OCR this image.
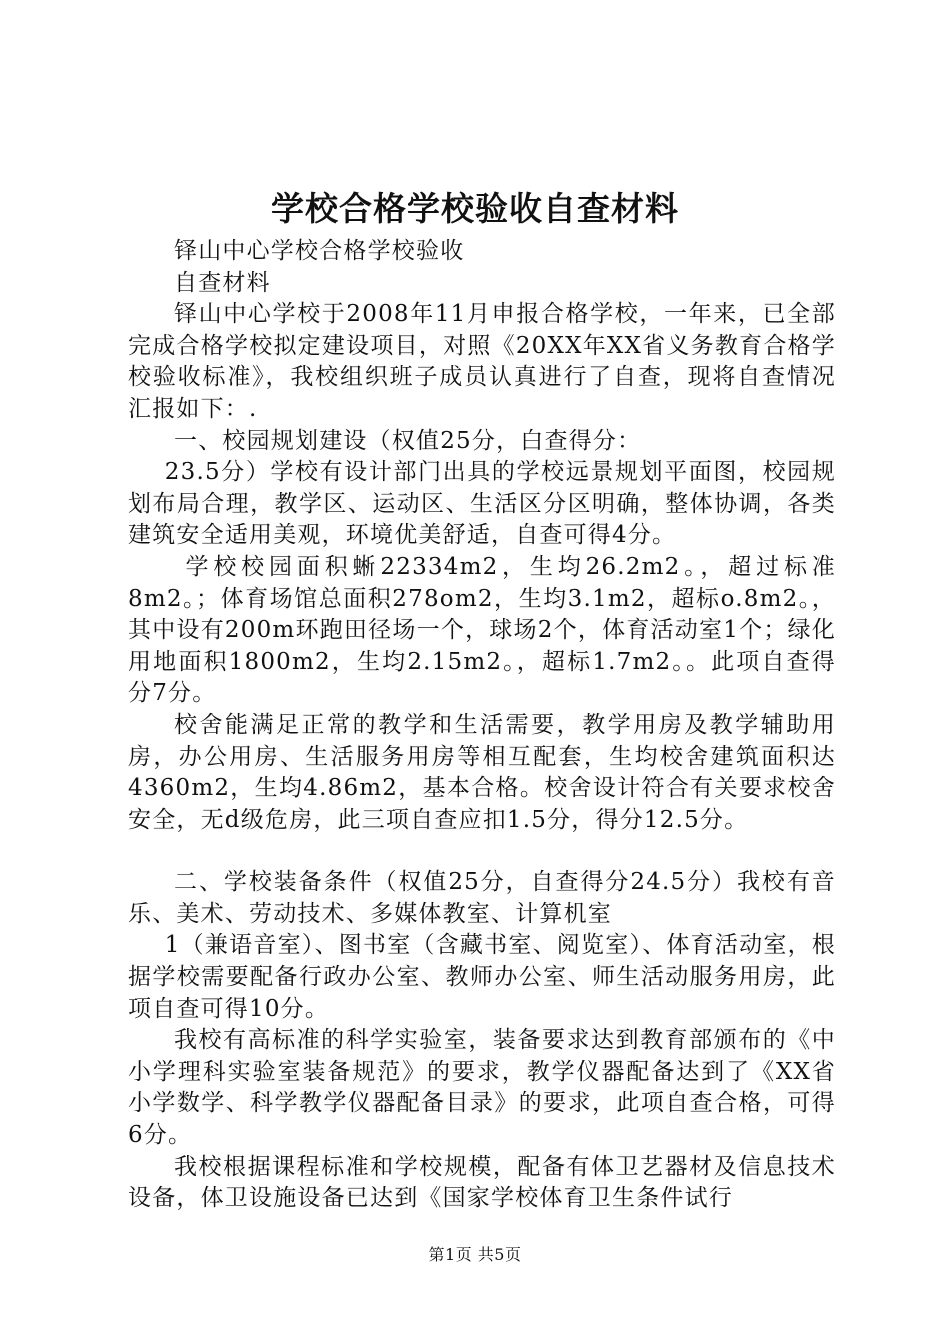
学校合格学校验收自查材料

铎山中心学校合格学校验收

自查材料

铎山中心学校于2008年11月申报合格学校，一年来，已全部完成合格学校拟定建设项目，对照《20XX年XX省义务教育合格学校验收标准》，我校组织班子成员认真进行了自查，现将自查情况汇报如下：.

一、校园规划建设（权值25分，白查得分：

23.5分）学校有设计部门出具的学校远景规划平面图，校园规划布局合理，教学区、运动区、生活区分区明确，整体协调，各类建筑安全适用美观，环境优美舒适，自查可得4分。

学校校园面积蜥22334m2，生均26.2m2。，超过标准8m2。；体育场馆总面积278om2，生均3.1m2，超标o.8m2。，其中设有200m环跑田径场一个，球场2个，体育活动室1个；绿化用地面积1800m2，生均2.15m2。，超标1.7m2。。此项自查得分7分。

校舍能满足正常的教学和生活需要，教学用房及教学辅助用房，办公用房、生活服务用房等相互配套，生均校舍建筑面积达4360m2，生均4.86m2，基本合格。校舍设计符合有关要求校舍安全，无d级危房，此三项自查应扣1.5分，得分12.5分。

二、学校装备条件（权值25分，自查得分24.5分）我校有音乐、美术、劳动技术、多媒体教室、计算机室

1（兼语音室）、图书室（含藏书室、阅览室）、体育活动室，根据学校需要配备行政办公室、教师办公室、师生活动服务用房，此项自查可得10分。

我校有高标准的科学实验室，装备要求达到教育部颁布的《中小学理科实验室装备规范》的要求，教学仪器配备达到了《XX省小学数学、科学教学仪器配备目录》的要求，此项自查合格，可得6分。

我校根据课程标准和学校规模，配备有体卫艺器材及信息技术设备，体卫设施设备已达到《国家学校体育卫生条件试行

第1页 共5页
